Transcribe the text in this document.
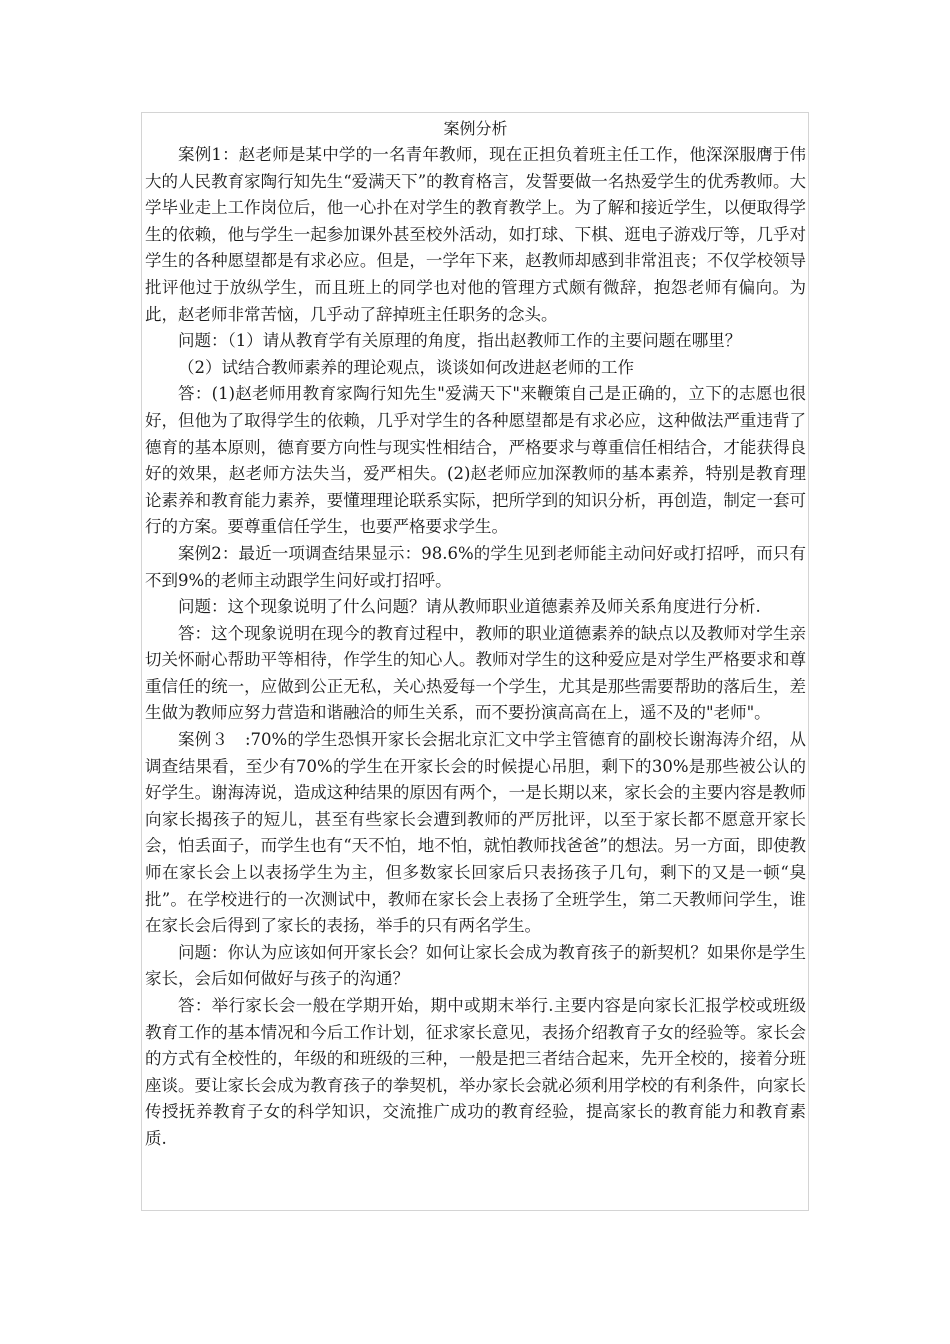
案例分析

案例1：赵老师是某中学的一名青年教师，现在正担负着班主任工作，他深深服膺于伟大的人民教育家陶行知先生“爱满天下”的教育格言，发誓要做一名热爱学生的优秀教师。大学毕业走上工作岗位后，他一心扑在对学生的教育教学上。为了解和接近学生，以便取得学生的依赖，他与学生一起参加课外甚至校外活动，如打球、下棋、逛电子游戏厅等，几乎对学生的各种愿望都是有求必应。但是，一学年下来，赵教师却感到非常沮丧；不仅学校领导批评他过于放纵学生，而且班上的同学也对他的管理方式颇有微辞，抱怨老师有偏向。为此，赵老师非常苦恼，几乎动了辞掉班主任职务的念头。

问题：（1）请从教育学有关原理的角度，指出赵教师工作的主要问题在哪里？

（2）试结合教师素养的理论观点，谈谈如何改进赵老师的工作

答：(1)赵老师用教育家陶行知先生"爱满天下"来鞭策自己是正确的，立下的志愿也很好，但他为了取得学生的依赖，几乎对学生的各种愿望都是有求必应，这种做法严重违背了德育的基本原则，德育要方向性与现实性相结合，严格要求与尊重信任相结合，才能获得良好的效果，赵老师方法失当，爱严相失。(2)赵老师应加深教师的基本素养，特别是教育理论素养和教育能力素养，要懂理理论联系实际，把所学到的知识分析，再创造，制定一套可行的方案。要尊重信任学生，也要严格要求学生。

案例2：最近一项调查结果显示：98.6%的学生见到老师能主动问好或打招呼，而只有不到9%的老师主动跟学生问好或打招呼。

问题：这个现象说明了什么问题？请从教师职业道德素养及师关系角度进行分析.

答：这个现象说明在现今的教育过程中，教师的职业道德素养的缺点以及教师对学生亲切关怀耐心帮助平等相待，作学生的知心人。教师对学生的这种爱应是对学生严格要求和尊重信任的统一，应做到公正无私，关心热爱每一个学生，尤其是那些需要帮助的落后生，差生做为教师应努力营造和谐融洽的师生关系，而不要扮演高高在上，遥不及的"老师"。

案例３　:70%的学生恐惧开家长会据北京汇文中学主管德育的副校长谢海涛介绍，从调查结果看，至少有70%的学生在开家长会的时候提心吊胆，剩下的30%是那些被公认的好学生。谢海涛说，造成这种结果的原因有两个，一是长期以来，家长会的主要内容是教师向家长揭孩子的短儿，甚至有些家长会遭到教师的严厉批评，以至于家长都不愿意开家长会，怕丢面子，而学生也有“天不怕，地不怕，就怕教师找爸爸”的想法。另一方面，即使教师在家长会上以表扬学生为主，但多数家长回家后只表扬孩子几句，剩下的又是一顿“臭批”。在学校进行的一次测试中，教师在家长会上表扬了全班学生，第二天教师问学生，谁在家长会后得到了家长的表扬，举手的只有两名学生。

问题：你认为应该如何开家长会？如何让家长会成为教育孩子的新契机？如果你是学生家长，会后如何做好与孩子的沟通？

答：举行家长会一般在学期开始，期中或期末举行.主要内容是向家长汇报学校或班级教育工作的基本情况和今后工作计划，征求家长意见，表扬介绍教育子女的经验等。家长会的方式有全校性的，年级的和班级的三种，一般是把三者结合起来，先开全校的，接着分班座谈。要让家长会成为教育孩子的拳契机，举办家长会就必须利用学校的有利条件，向家长传授抚养教育子女的科学知识，交流推广成功的教育经验，提高家长的教育能力和教育素质.
